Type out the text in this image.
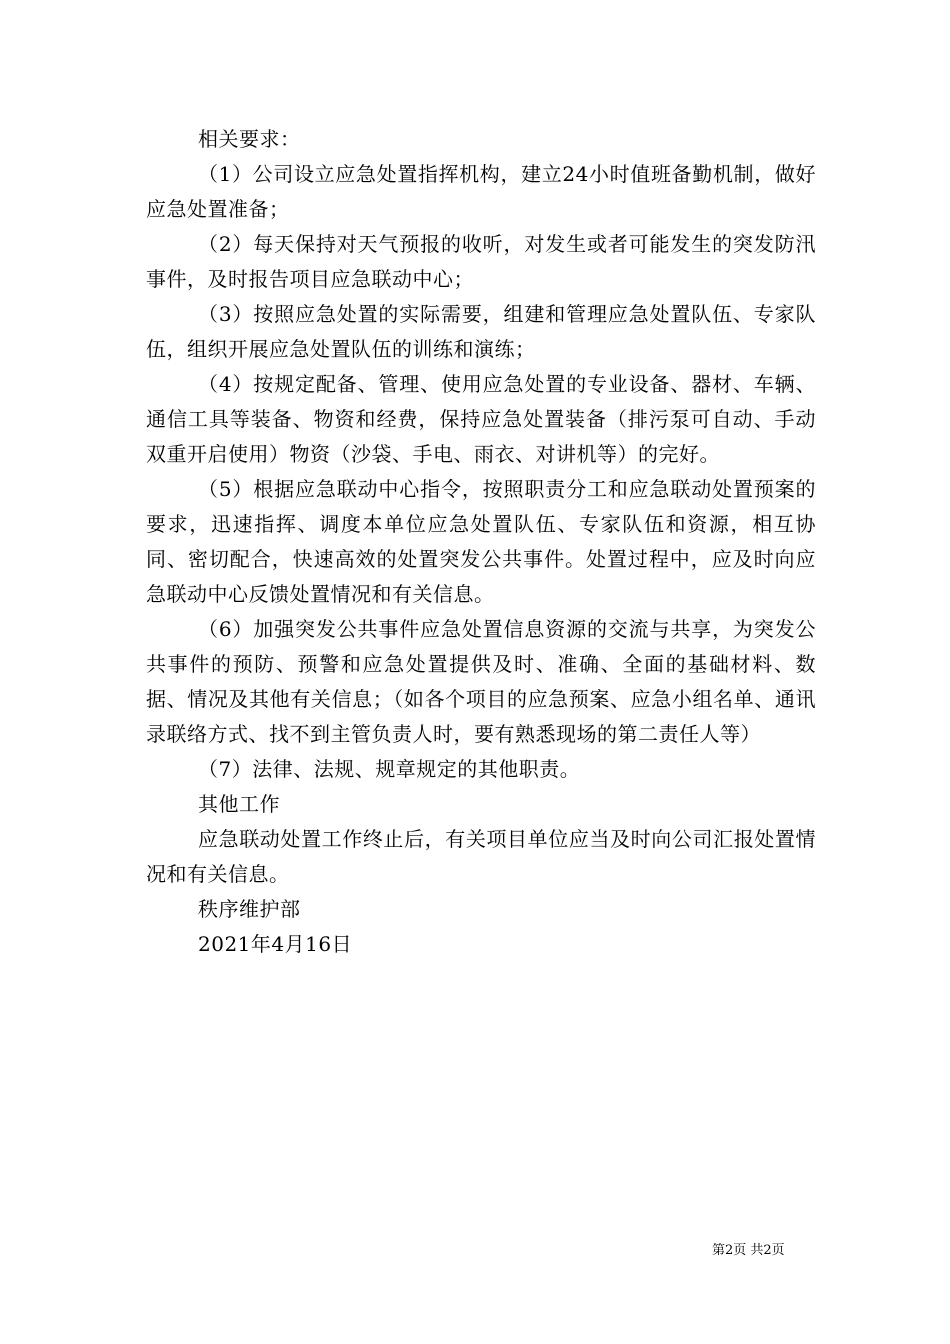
相关要求：

（1）公司设立应急处置指挥机构，建立24小时值班备勤机制，做好应急处置准备；

（2）每天保持对天气预报的收听，对发生或者可能发生的突发防汛事件，及时报告项目应急联动中心；

（3）按照应急处置的实际需要，组建和管理应急处置队伍、专家队伍，组织开展应急处置队伍的训练和演练；

（4）按规定配备、管理、使用应急处置的专业设备、器材、车辆、通信工具等装备、物资和经费，保持应急处置装备（排污泵可自动、手动双重开启使用）物资（沙袋、手电、雨衣、对讲机等）的完好。

（5）根据应急联动中心指令，按照职责分工和应急联动处置预案的要求，迅速指挥、调度本单位应急处置队伍、专家队伍和资源，相互协同、密切配合，快速高效的处置突发公共事件。处置过程中，应及时向应急联动中心反馈处置情况和有关信息。

（6）加强突发公共事件应急处置信息资源的交流与共享，为突发公共事件的预防、预警和应急处置提供及时、准确、全面的基础材料、数据、情况及其他有关信息；（如各个项目的应急预案、应急小组名单、通讯录联络方式、找不到主管负责人时，要有熟悉现场的第二责任人等）

（7）法律、法规、规章规定的其他职责。

其他工作

应急联动处置工作终止后，有关项目单位应当及时向公司汇报处置情况和有关信息。

秩序维护部

2021年4月16日

第2页 共2页
